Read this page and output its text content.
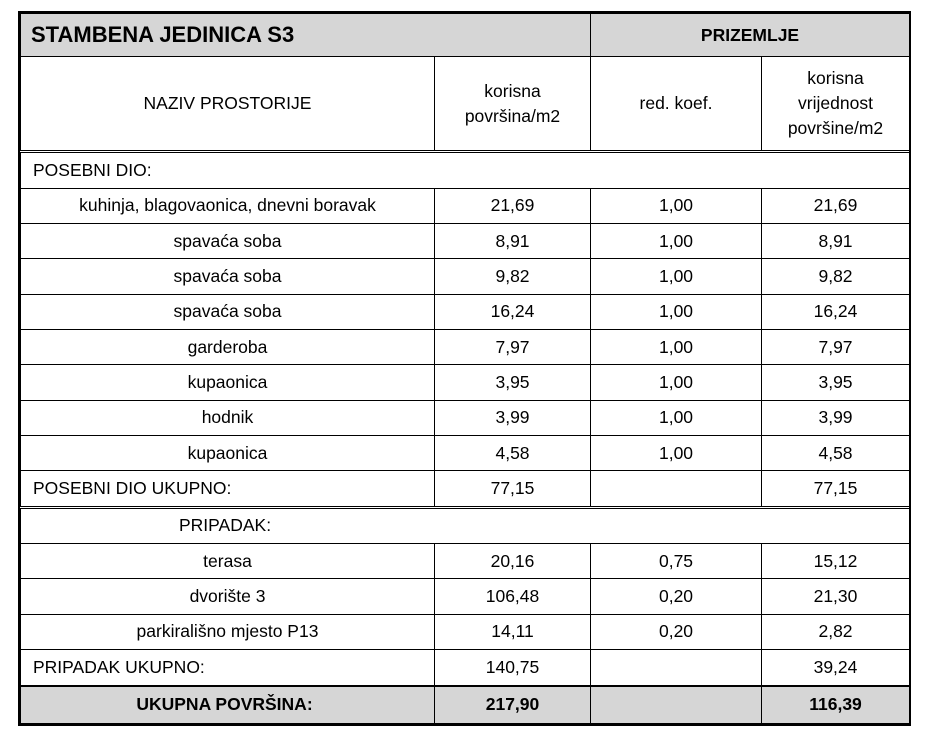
STAMBENA JEDINICA S3		PRIZEMLJE	
NAZIV PROSTORIJE	korisna površina/m2	red. koef.	korisna vrijednost površine/m2
POSEBNI DIO:			
kuhinja, blagovaonica, dnevni boravak	21,69	1,00	21,69
spavaća soba	8,91	1,00	8,91
spavaća soba	9,82	1,00	9,82
spavaća soba	16,24	1,00	16,24
garderoba	7,97	1,00	7,97
kupaonica	3,95	1,00	3,95
hodnik	3,99	1,00	3,99
kupaonica	4,58	1,00	4,58
POSEBNI DIO UKUPNO:	77,15		77,15
PRIPADAK:			
terasa	20,16	0,75	15,12
dvorište 3	106,48	0,20	21,30
parkirališno mjesto P13	14,11	0,20	2,82
PRIPADAK UKUPNO:	140,75		39,24
UKUPNA POVRŠINA:	217,90		116,39
